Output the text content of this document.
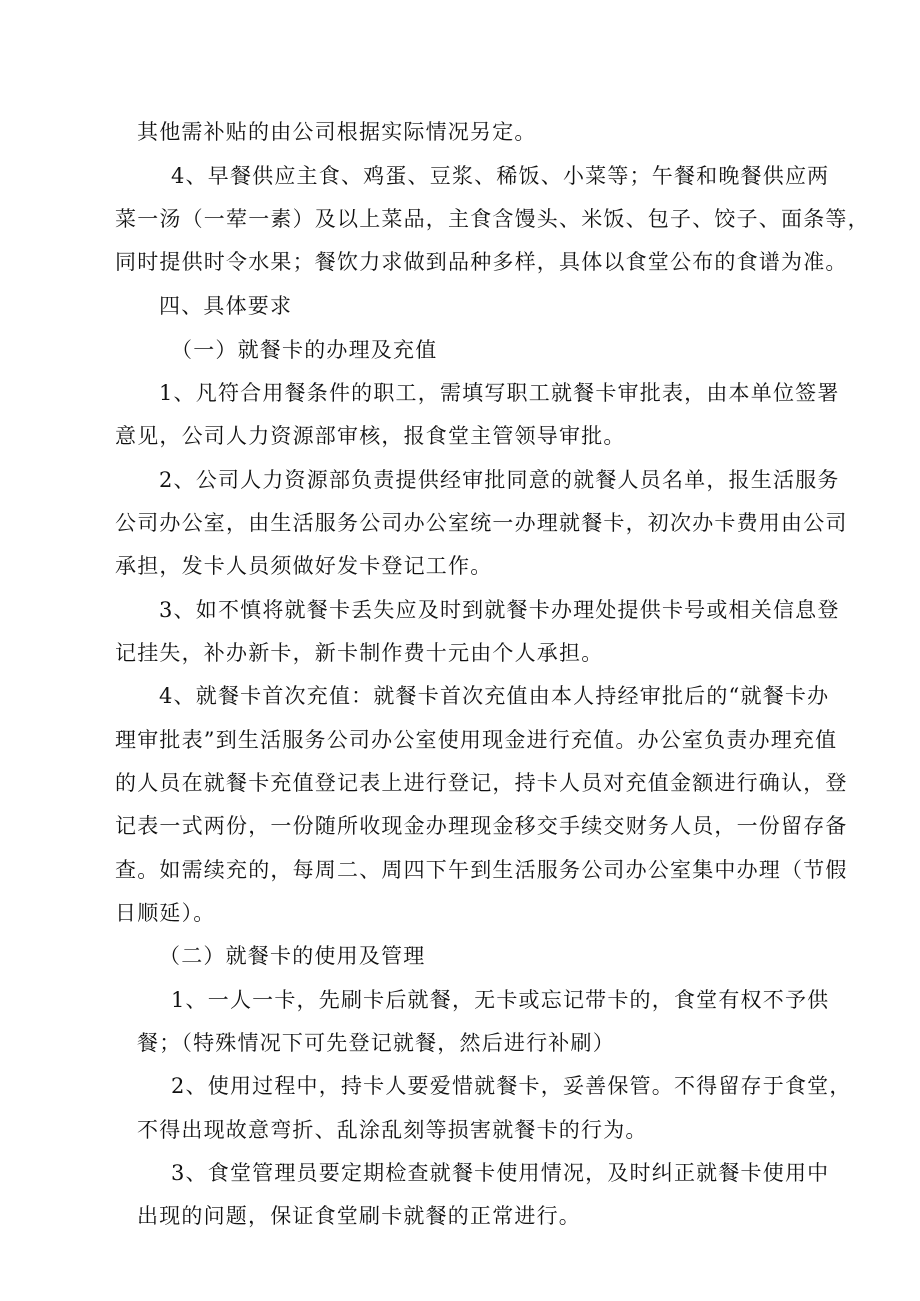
其他需补贴的由公司根据实际情况另定。
4、早餐供应主食、鸡蛋、豆浆、稀饭、小菜等；午餐和晚餐供应两
菜一汤（一荤一素）及以上菜品，主食含馒头、米饭、包子、饺子、面条等，
同时提供时令水果；餐饮力求做到品种多样，具体以食堂公布的食谱为准。
四、具体要求
（一）就餐卡的办理及充值
1、凡符合用餐条件的职工，需填写职工就餐卡审批表，由本单位签署
意见，公司人力资源部审核，报食堂主管领导审批。
2、公司人力资源部负责提供经审批同意的就餐人员名单，报生活服务
公司办公室，由生活服务公司办公室统一办理就餐卡，初次办卡费用由公司
承担，发卡人员须做好发卡登记工作。
3、如不慎将就餐卡丢失应及时到就餐卡办理处提供卡号或相关信息登
记挂失，补办新卡，新卡制作费十元由个人承担。
4、就餐卡首次充值：就餐卡首次充值由本人持经审批后的“就餐卡办
理审批表”到生活服务公司办公室使用现金进行充值。办公室负责办理充值
的人员在就餐卡充值登记表上进行登记，持卡人员对充值金额进行确认，登
记表一式两份，一份随所收现金办理现金移交手续交财务人员，一份留存备
查。如需续充的，每周二、周四下午到生活服务公司办公室集中办理（节假
日顺延）。
（二）就餐卡的使用及管理
1、一人一卡，先刷卡后就餐，无卡或忘记带卡的，食堂有权不予供
餐；（特殊情况下可先登记就餐，然后进行补刷）
2、使用过程中，持卡人要爱惜就餐卡，妥善保管。不得留存于食堂，
不得出现故意弯折、乱涂乱刻等损害就餐卡的行为。
3、食堂管理员要定期检查就餐卡使用情况，及时纠正就餐卡使用中
出现的问题，保证食堂刷卡就餐的正常进行。
